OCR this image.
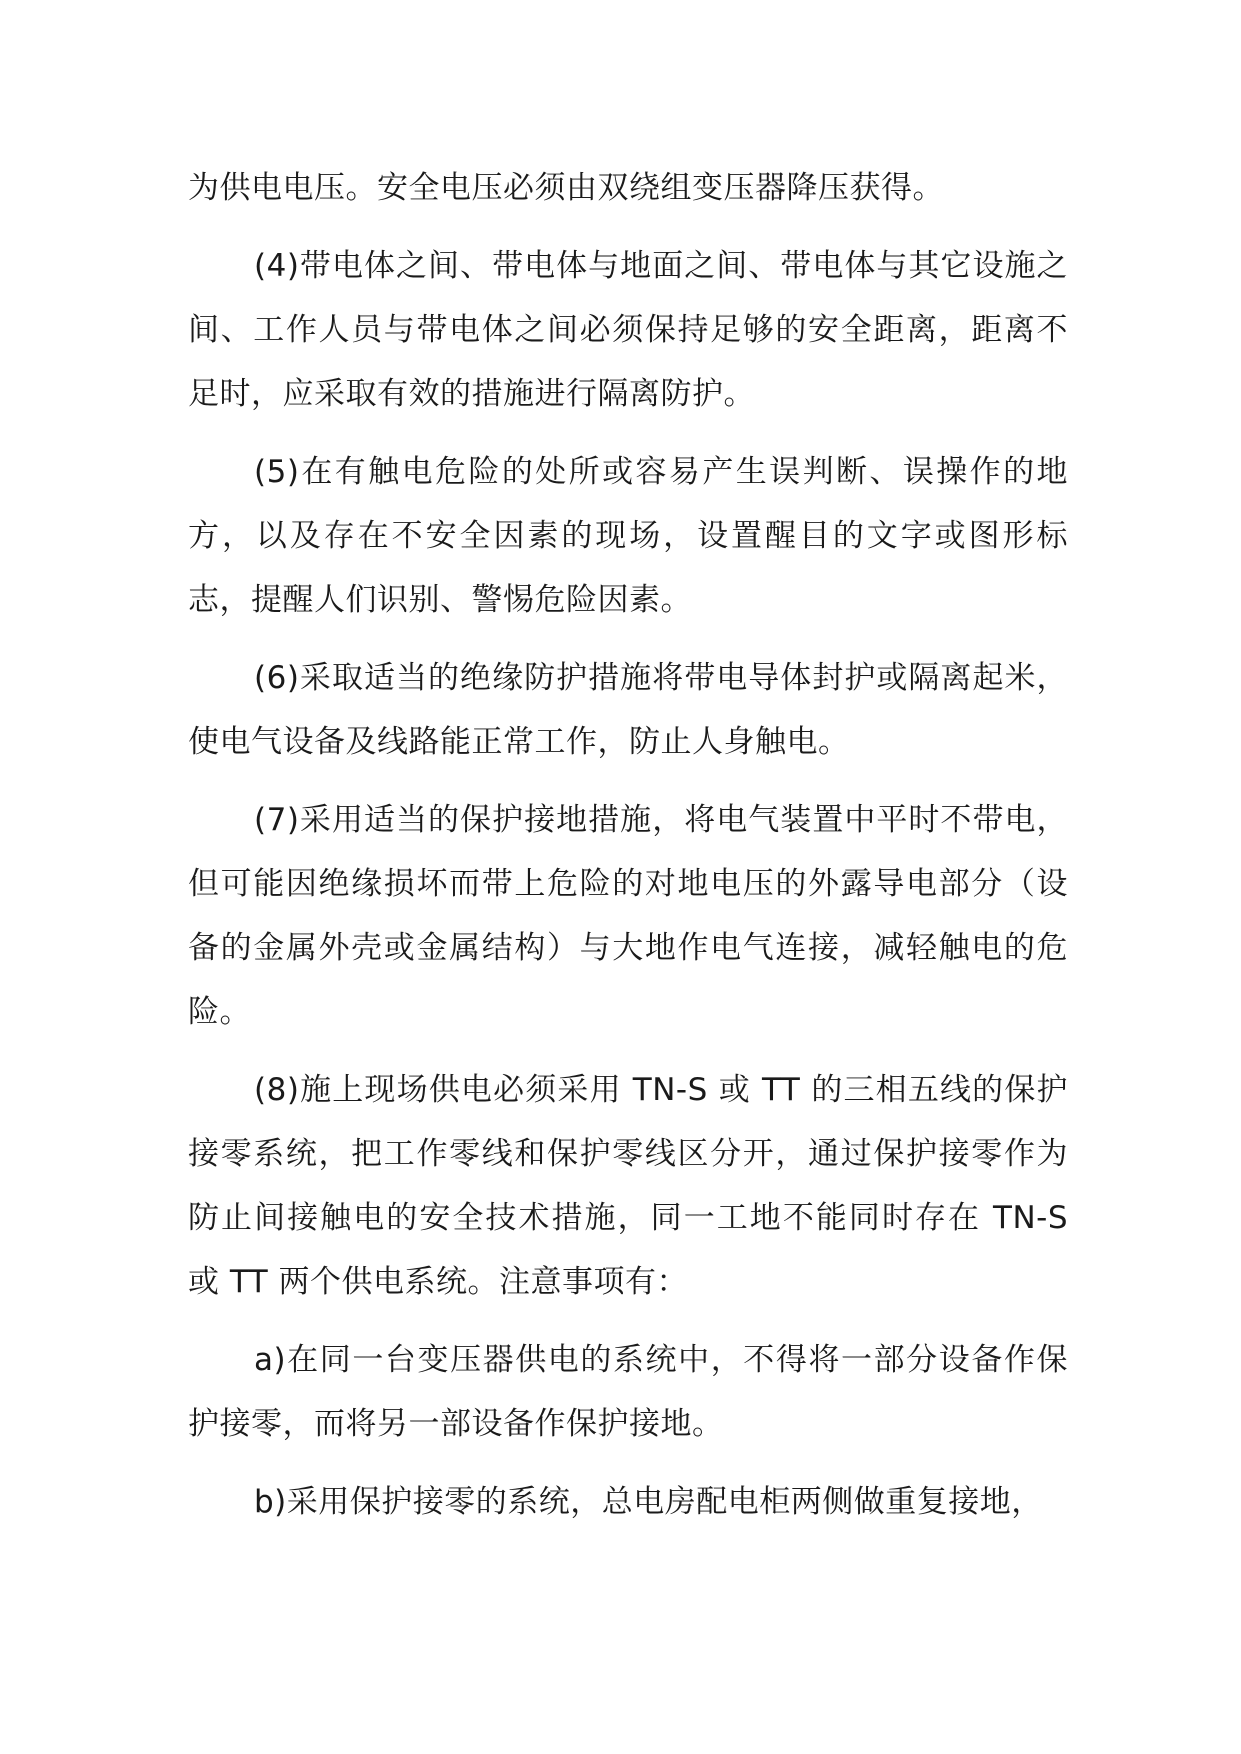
为供电电压。安全电压必须由双绕组变压器降压获得。

(4)带电体之间、带电体与地面之间、带电体与其它设施之间、工作人员与带电体之间必须保持足够的安全距离，距离不足时，应采取有效的措施进行隔离防护。

(5)在有触电危险的处所或容易产生误判断、误操作的地方，以及存在不安全因素的现场，设置醒目的文字或图形标志，提醒人们识别、警惕危险因素。

(6)采取适当的绝缘防护措施将带电导体封护或隔离起米，使电气设备及线路能正常工作，防止人身触电。

(7)采用适当的保护接地措施，将电气装置中平时不带电，但可能因绝缘损坏而带上危险的对地电压的外露导电部分（设备的金属外壳或金属结构）与大地作电气连接，减轻触电的危险。

(8)施上现场供电必须采用 TN-S 或 TT 的三相五线的保护接零系统，把工作零线和保护零线区分开，通过保护接零作为防止间接触电的安全技术措施，同一工地不能同时存在 TN-S 或 TT 两个供电系统。注意事项有：

a)在同一台变压器供电的系统中，不得将一部分设备作保护接零，而将另一部设备作保护接地。

b)采用保护接零的系统，总电房配电柜两侧做重复接地，
